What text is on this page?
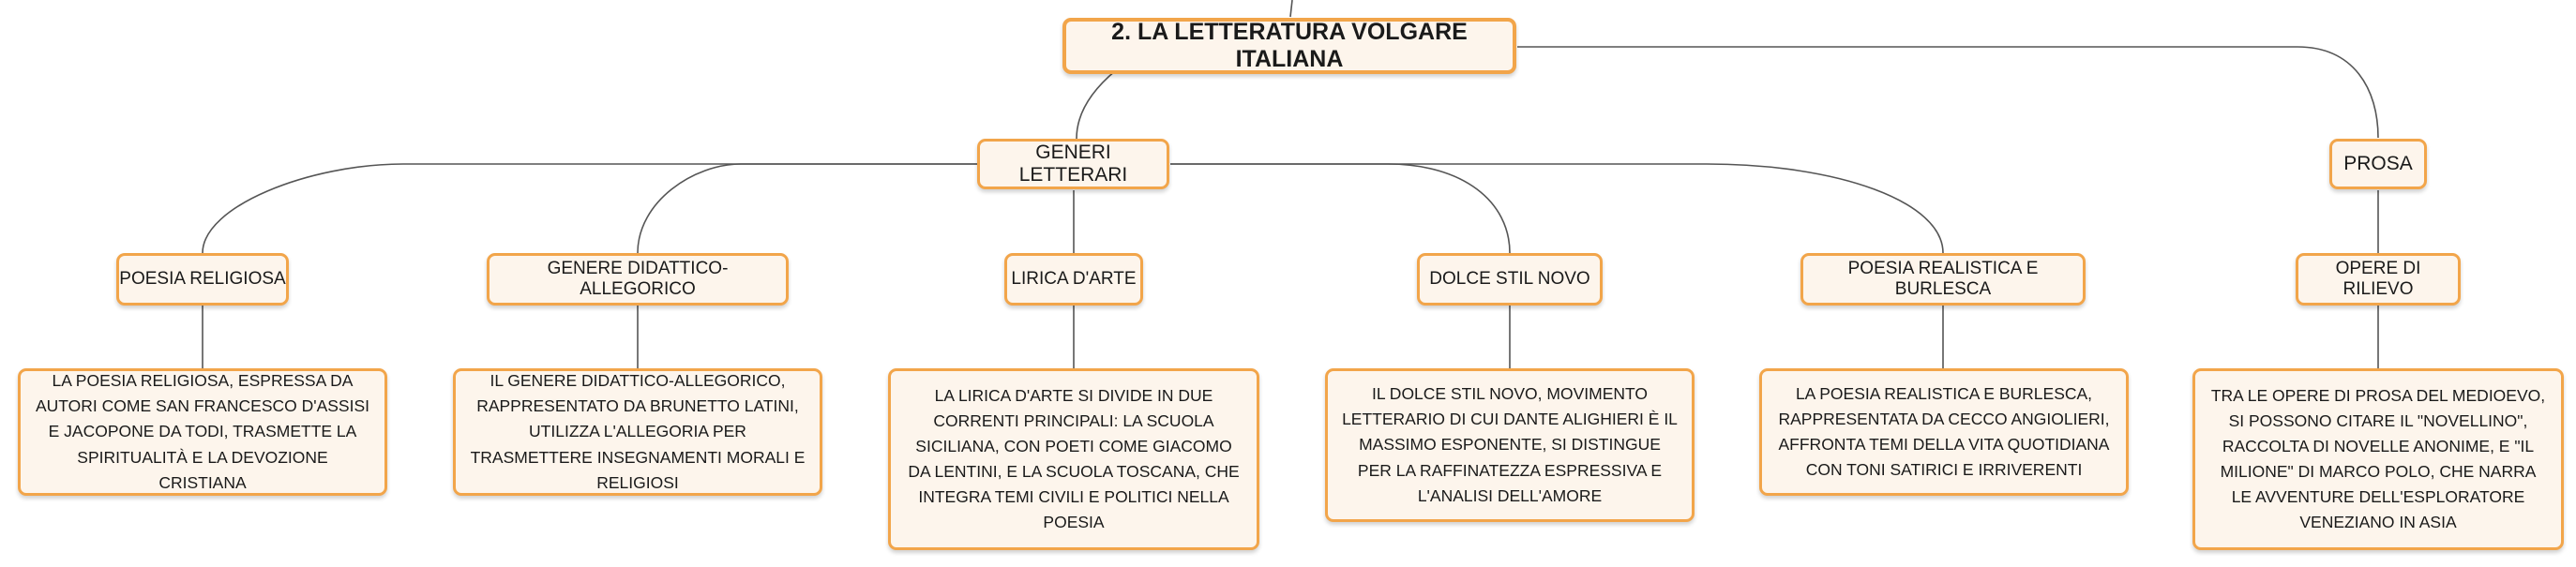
2. LA LETTERATURA VOLGARE ITALIANA
GENERI LETTERARI
PROSA
POESIA RELIGIOSA
GENERE DIDATTICO-ALLEGORICO
LIRICA D'ARTE	DOLCE STIL NOVO
POESIA REALISTICA E BURLESCA
OPERE DI RILIEVO
LA POESIA RELIGIOSA, ESPRESSA DA AUTORI COME SAN FRANCESCO D'ASSISI E JACOPONE DA TODI, TRASMETTE LA SPIRITUALITÀ E LA DEVOZIONE CRISTIANA
IL GENERE DIDATTICO-ALLEGORICO, RAPPRESENTATO DA BRUNETTO LATINI, UTILIZZA L'ALLEGORIA PER TRASMETTERE INSEGNAMENTI MORALI E RELIGIOSI
LA LIRICA D'ARTE SI DIVIDE IN DUE CORRENTI PRINCIPALI: LA SCUOLA SICILIANA, CON POETI COME GIACOMO DA LENTINI, E LA SCUOLA TOSCANA, CHE INTEGRA TEMI CIVILI E POLITICI NELLA POESIA
IL DOLCE STIL NOVO, MOVIMENTO LETTERARIO DI CUI DANTE ALIGHIERI È IL MASSIMO ESPONENTE, SI DISTINGUE PER LA RAFFINATEZZA ESPRESSIVA E L'ANALISI DELL'AMORE
LA POESIA REALISTICA E BURLESCA, RAPPRESENTATA DA CECCO ANGIOLIERI, AFFRONTA TEMI DELLA VITA QUOTIDIANA CON TONI SATIRICI E IRRIVERENTI
TRA LE OPERE DI PROSA DEL MEDIOEVO, SI POSSONO CITARE IL "NOVELLINO", RACCOLTA DI NOVELLE ANONIME, E "IL MILIONE" DI MARCO POLO, CHE NARRA LE AVVENTURE DELL'ESPLORATORE VENEZIANO IN ASIA
